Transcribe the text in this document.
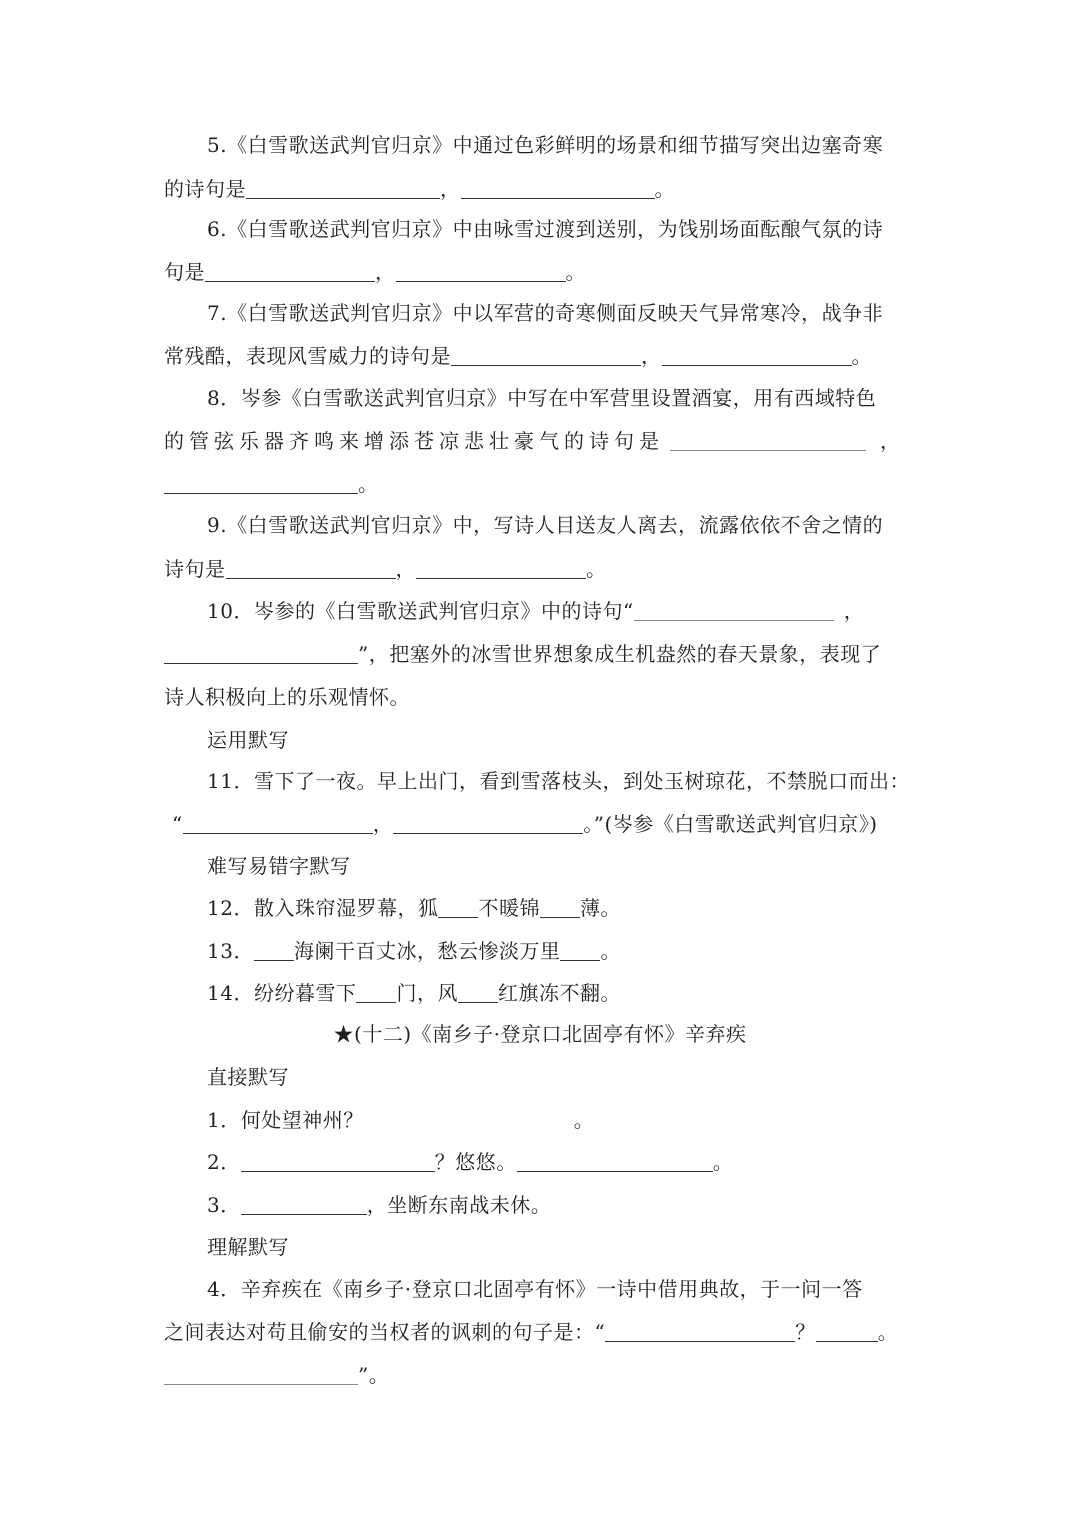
5.《白雪歌送武判官归京》中通过色彩鲜明的场景和细节描写突出边塞奇寒
的诗句是	，	。
6.《白雪歌送武判官归京》中由咏雪过渡到送别，为饯别场面酝酿气氛的诗
句是	，	。
7.《白雪歌送武判官归京》中以军营的奇寒侧面反映天气异常寒冷，战争非
常残酷，表现风雪威力的诗句是	，	。
8．岑参《白雪歌送武判官归京》中写在中军营里设置酒宴，用有西域特色
的管弦乐器齐鸣来增添苍凉悲壮豪气的诗句是	，
。
9.《白雪歌送武判官归京》中，写诗人目送友人离去，流露依依不舍之情的
诗句是	，	。
10．岑参的《白雪歌送武判官归京》中的诗句“	，
”，把塞外的冰雪世界想象成生机盎然的春天景象，表现了
诗人积极向上的乐观情怀。
运用默写
11．雪下了一夜。早上出门，看到雪落枝头，到处玉树琼花，不禁脱口而出：
“	，	。”(岑参《白雪歌送武判官归京》)
难写易错字默写
12．散入珠帘湿罗幕，狐 不暖锦 薄。
13． 海阑干百丈冰，愁云惨淡万里 。
14．纷纷暮雪下 门，风 红旗冻不翻。
★(十二)《南乡子·登京口北固亭有怀》辛弃疾
直接默写
1．何处望神州？	。
2．	？悠悠。	。
3．	，坐断东南战未休。
理解默写
4．辛弃疾在《南乡子·登京口北固亭有怀》一诗中借用典故，于一问一答
之间表达对苟且偷安的当权者的讽刺的句子是：“	？	。
”。
